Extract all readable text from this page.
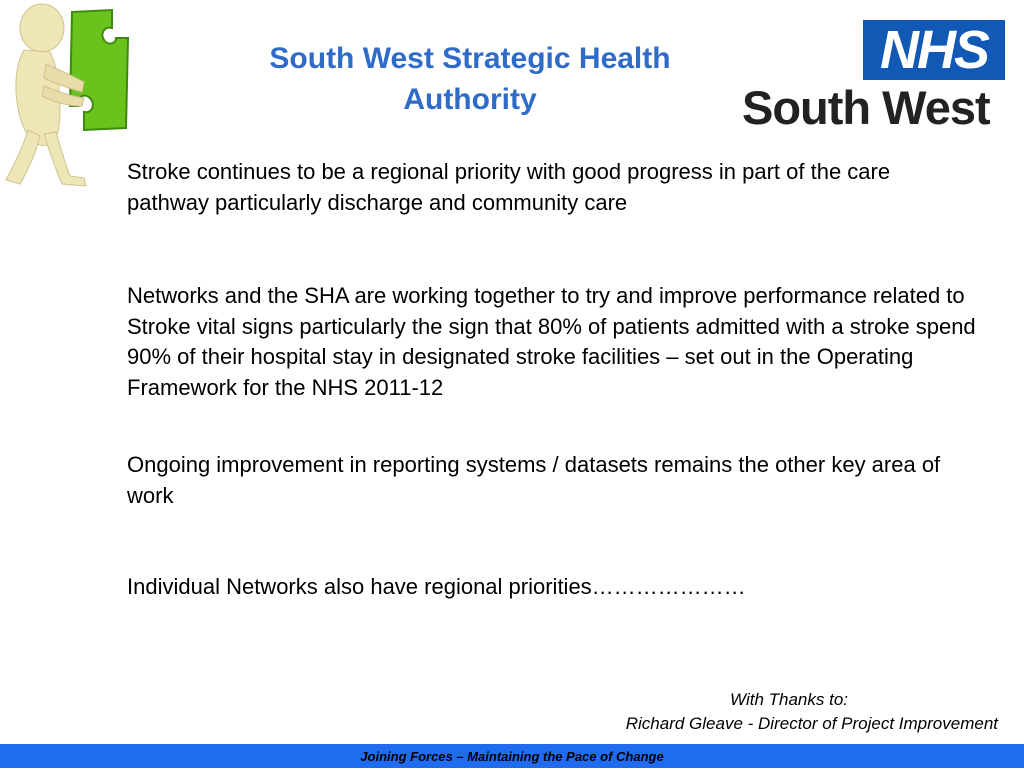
South West Strategic Health Authority
NHS
South West

Stroke continues to be a regional priority with good progress in part of the care pathway particularly discharge and community care

Networks and the SHA are working together to try and improve performance related to Stroke vital signs particularly the sign that 80% of patients admitted with a stroke spend 90% of their hospital stay in designated stroke facilities – set out in the Operating Framework for the NHS 2011-12

Ongoing improvement in reporting systems / datasets remains the other key area of work

Individual Networks also have regional priorities…………………

With Thanks to:
Richard Gleave - Director of Project Improvement
Joining Forces – Maintaining the Pace of Change
